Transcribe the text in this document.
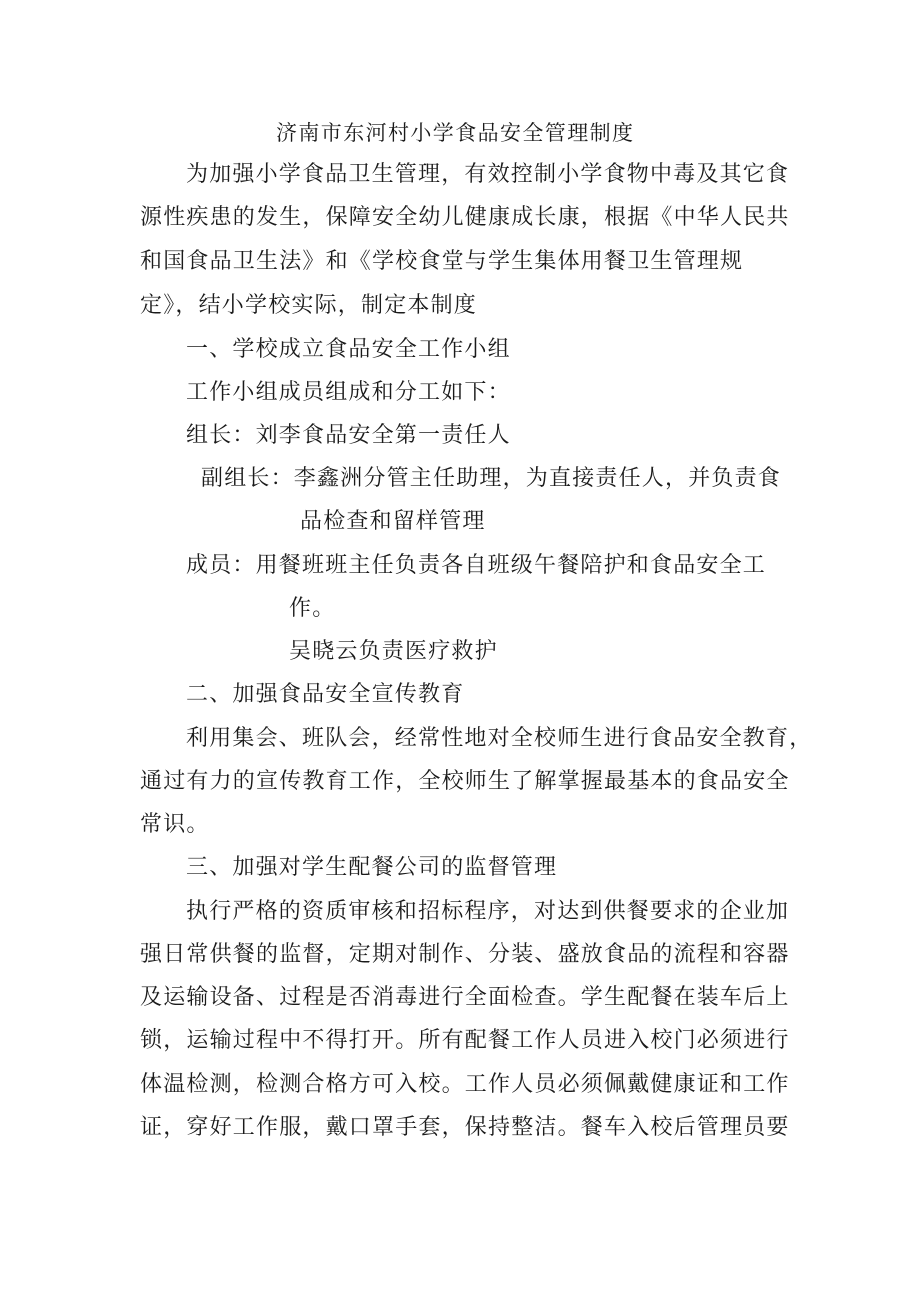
济南市东河村小学食品安全管理制度
为加强小学食品卫生管理，有效控制小学食物中毒及其它食
源性疾患的发生，保障安全幼儿健康成长康，根据《中华人民共
和国食品卫生法》和《学校食堂与学生集体用餐卫生管理规
定》，结小学校实际，制定本制度
一、学校成立食品安全工作小组
工作小组成员组成和分工如下：
组长：刘李食品安全第一责任人
副组长：李鑫洲分管主任助理，为直接责任人，并负责食
品检查和留样管理
成员：用餐班班主任负责各自班级午餐陪护和食品安全工
作。
吴晓云负责医疗救护
二、加强食品安全宣传教育
利用集会、班队会，经常性地对全校师生进行食品安全教育，
通过有力的宣传教育工作，全校师生了解掌握最基本的食品安全
常识。
三、加强对学生配餐公司的监督管理
执行严格的资质审核和招标程序，对达到供餐要求的企业加
强日常供餐的监督，定期对制作、分装、盛放食品的流程和容器
及运输设备、过程是否消毒进行全面检查。学生配餐在装车后上
锁，运输过程中不得打开。所有配餐工作人员进入校门必须进行
体温检测，检测合格方可入校。工作人员必须佩戴健康证和工作
证，穿好工作服，戴口罩手套，保持整洁。餐车入校后管理员要
